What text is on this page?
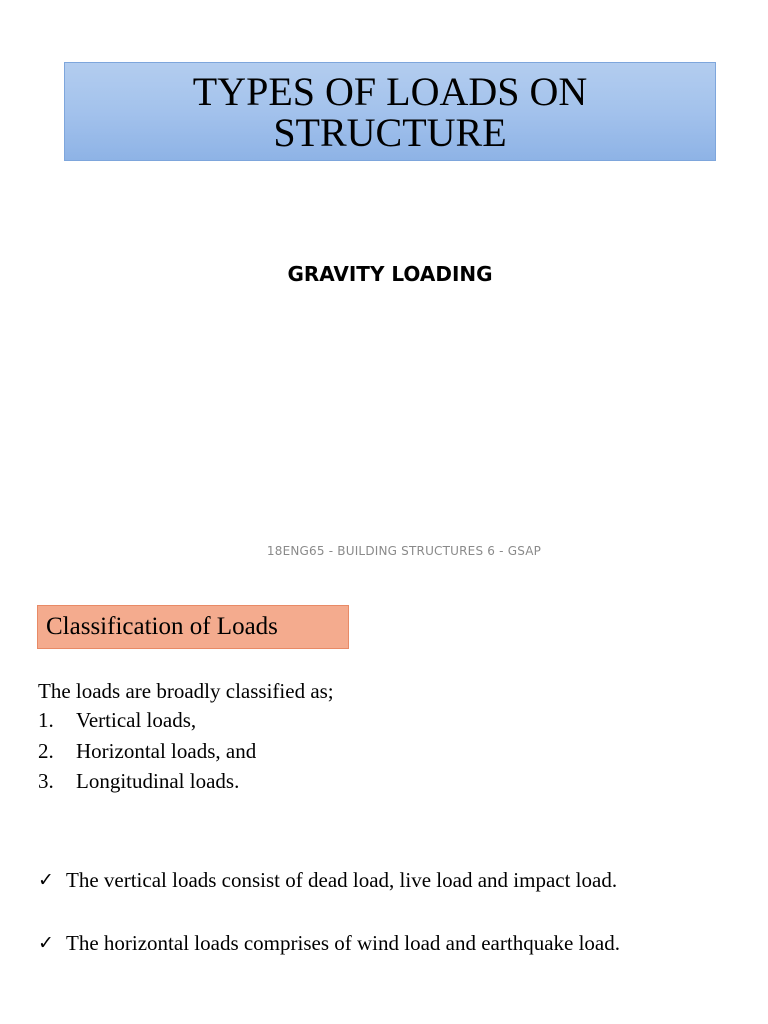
TYPES OF LOADS ON STRUCTURE
GRAVITY LOADING
18ENG65 - BUILDING STRUCTURES 6 - GSAP
Classification of Loads
The loads are broadly classified as;
1.	Vertical loads,
2.	Horizontal loads, and
3.	Longitudinal loads.
✓ The vertical loads consist of dead load, live load and impact load.
✓ The horizontal loads comprises of wind load and earthquake load.
